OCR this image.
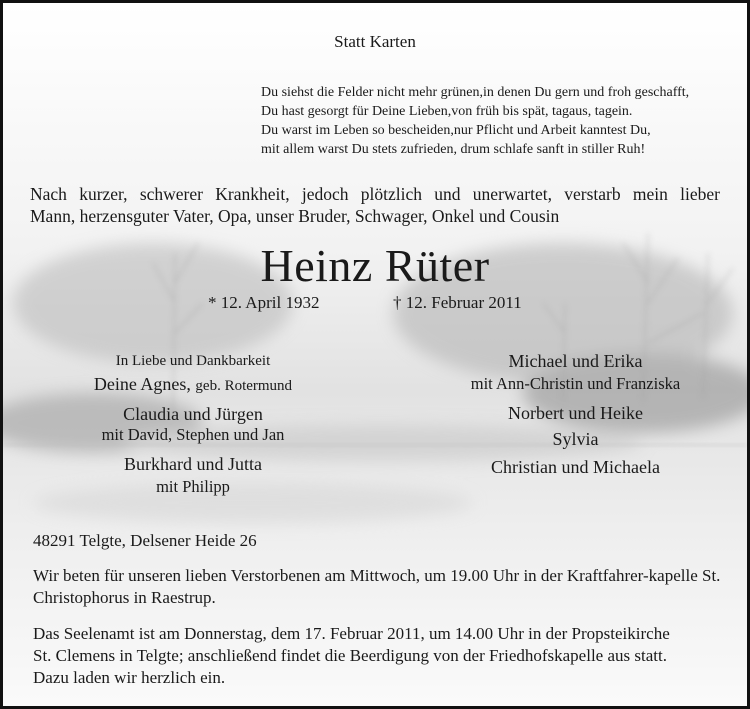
Statt Karten
Du siehst die Felder nicht mehr grünen,in denen Du gern und froh geschafft,
Du hast gesorgt für Deine Lieben,von früh bis spät, tagaus, tagein.
Du warst im Leben so bescheiden,nur Pflicht und Arbeit kanntest Du,
mit allem warst Du stets zufrieden, drum schlafe sanft in stiller Ruh!
Nach kurzer, schwerer Krankheit, jedoch plötzlich und unerwartet, verstarb mein lieber
Mann, herzensguter Vater, Opa, unser Bruder, Schwager, Onkel und Cousin
Heinz Rüter
* 12. April 1932	† 12. Februar 2011
In Liebe und Dankbarkeit
Deine Agnes, geb. Rotermund
Claudia und Jürgen
mit David, Stephen und Jan
Burkhard und Jutta
mit Philipp
Michael und Erika
mit Ann-Christin und Franziska
Norbert und Heike
Sylvia
Christian und Michaela
48291 Telgte, Delsener Heide 26
Wir beten für unseren lieben Verstorbenen am Mittwoch, um 19.00 Uhr in der Kraftfahrer-kapelle St. Christophorus in Raestrup.
Das Seelenamt ist am Donnerstag, dem 17. Februar 2011, um 14.00 Uhr in der Propsteikirche
St. Clemens in Telgte; anschließend findet die Beerdigung von der Friedhofskapelle aus statt.
Dazu laden wir herzlich ein.
